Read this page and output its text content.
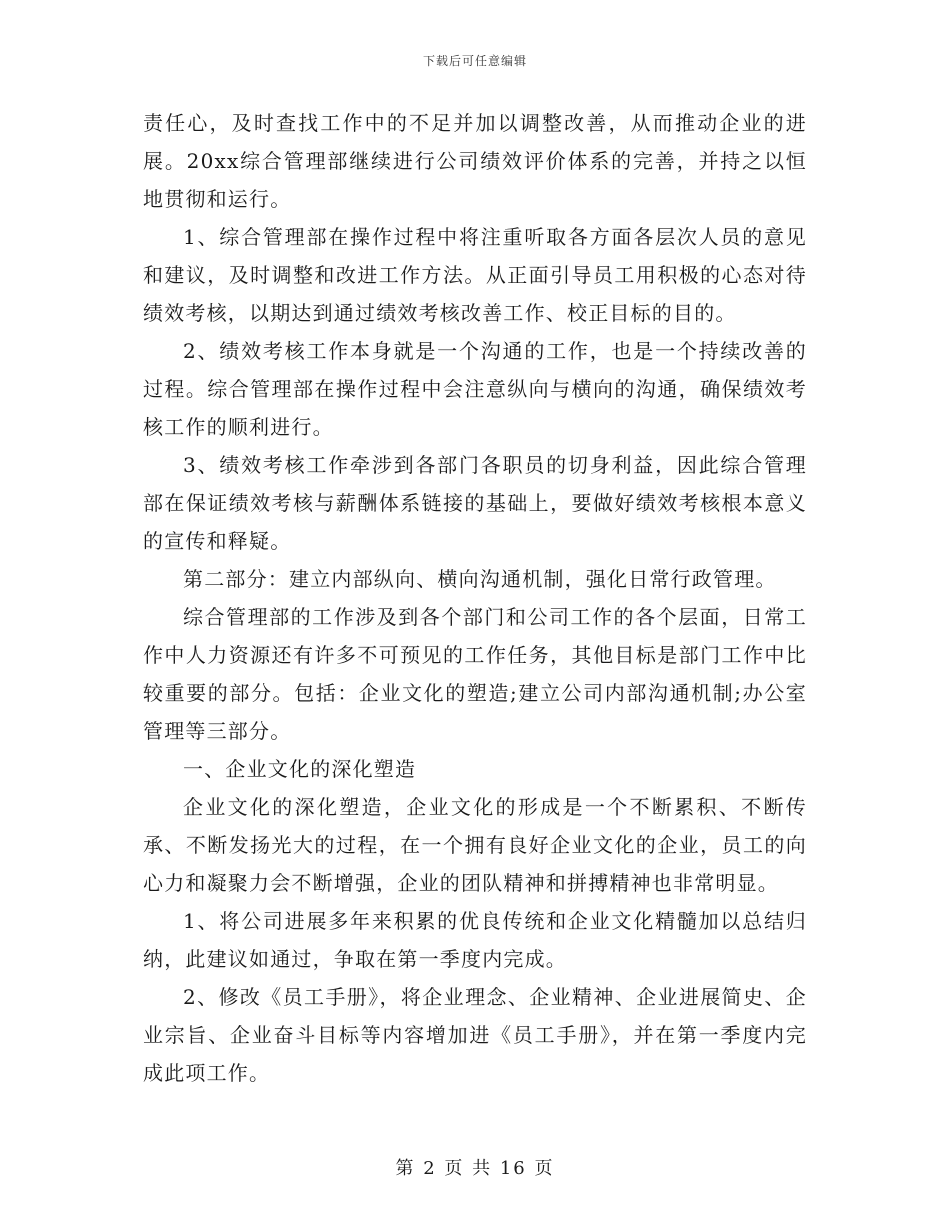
下载后可任意编辑

责任心，及时查找工作中的不足并加以调整改善，从而推动企业的进展。20xx综合管理部继续进行公司绩效评价体系的完善，并持之以恒地贯彻和运行。

1、综合管理部在操作过程中将注重听取各方面各层次人员的意见和建议，及时调整和改进工作方法。从正面引导员工用积极的心态对待绩效考核，以期达到通过绩效考核改善工作、校正目标的目的。

2、绩效考核工作本身就是一个沟通的工作，也是一个持续改善的过程。综合管理部在操作过程中会注意纵向与横向的沟通，确保绩效考核工作的顺利进行。

3、绩效考核工作牵涉到各部门各职员的切身利益，因此综合管理部在保证绩效考核与薪酬体系链接的基础上，要做好绩效考核根本意义的宣传和释疑。

第二部分：建立内部纵向、横向沟通机制，强化日常行政管理。

综合管理部的工作涉及到各个部门和公司工作的各个层面，日常工作中人力资源还有许多不可预见的工作任务，其他目标是部门工作中比较重要的部分。包括：企业文化的塑造;建立公司内部沟通机制;办公室管理等三部分。

一、企业文化的深化塑造

企业文化的深化塑造，企业文化的形成是一个不断累积、不断传承、不断发扬光大的过程，在一个拥有良好企业文化的企业，员工的向心力和凝聚力会不断增强，企业的团队精神和拼搏精神也非常明显。

1、将公司进展多年来积累的优良传统和企业文化精髓加以总结归纳，此建议如通过，争取在第一季度内完成。

2、修改《员工手册》，将企业理念、企业精神、企业进展简史、企业宗旨、企业奋斗目标等内容增加进《员工手册》，并在第一季度内完成此项工作。

第 2 页 共 16 页
